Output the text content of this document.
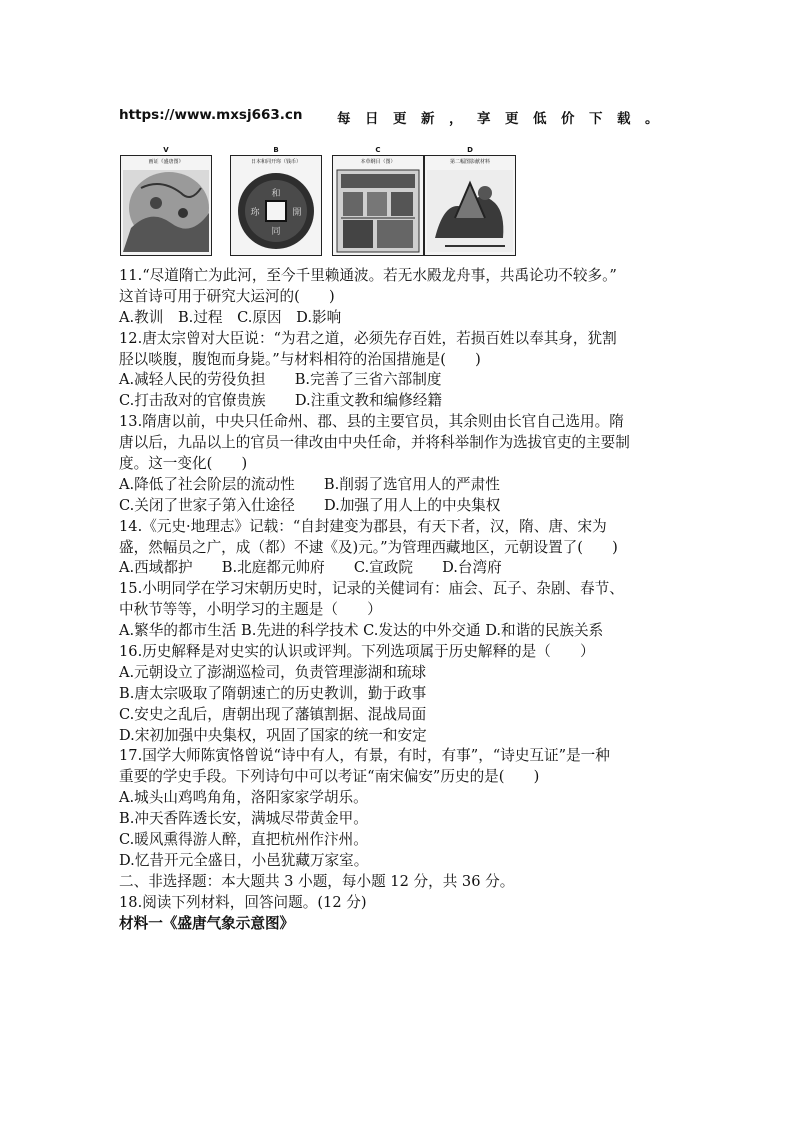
https://www.mxsj663.cn	每日更新，享更低价下载。
V
画证《盛唐图》
B
日本和同开珎（钱币）
和
同
珎	開
C
本草纲目（图）
D
第二幅图影献材料
11.“尽道隋亡为此河，至今千里赖通波。若无水殿龙舟事，共禹论功不较多。”
这首诗可用于研究大运河的(　　)
A.教训　B.过程　C.原因　D.影响
12.唐太宗曾对大臣说：“为君之道，必须先存百姓，若损百姓以奉其身，犹割
胫以啖腹，腹饱而身毙。”与材料相符的治国措施是(　　)
A.减轻人民的劳役负担　　B.完善了三省六部制度
C.打击敌对的官僚贵族　　D.注重文教和编修经籍
13.隋唐以前，中央只任命州、郡、县的主要官员，其余则由长官自己选用。隋
唐以后，九品以上的官员一律改由中央任命，并将科举制作为选拔官吏的主要制
度。这一变化(　　)
A.降低了社会阶层的流动性　　B.削弱了选官用人的严肃性
C.关闭了世家子第入仕途径　　D.加强了用人上的中央集权
14.《元史·地理志》记载：“自封建变为郡县，有天下者，汉，隋、唐、宋为
盛，然幅员之广，成（都）不逮《及)元。”为管理西藏地区，元朝设置了(　　)
A.西域都护　　B.北庭都元帅府　　C.宣政院　　D.台湾府
15.小明同学在学习宋朝历史时，记录的关健词有：庙会、瓦子、杂剧、春节、
中秋节等等，小明学习的主题是（　　）
A.繁华的都市生活 B.先进的科学技术 C.发达的中外交通 D.和谐的民族关系
16.历史解释是对史实的认识或评判。下列选项属于历史解释的是（　　）
A.元朝设立了澎湖巡检司，负责管理澎湖和琉球
B.唐太宗吸取了隋朝速亡的历史教训，勤于政事
C.安史之乱后，唐朝出现了藩镇割据、混战局面
D.宋初加强中央集权，巩固了国家的统一和安定
17.国学大师陈寅恪曾说“诗中有人，有景，有时，有事”，“诗史互证”是一种
重要的学史手段。下列诗句中可以考证“南宋偏安”历史的是(　　)
A.城头山鸡鸣角角，洛阳家家学胡乐。
B.冲天香阵透长安，满城尽带黄金甲。
C.暖风熏得游人醉，直把杭州作汴州。
D.忆昔开元全盛日，小邑犹藏万家室。
二、非选择题：本大题共 3 小题，每小题 12 分，共 36 分。
18.阅读下列材料，回答问题。(12 分)
材料一《盛唐气象示意图》
